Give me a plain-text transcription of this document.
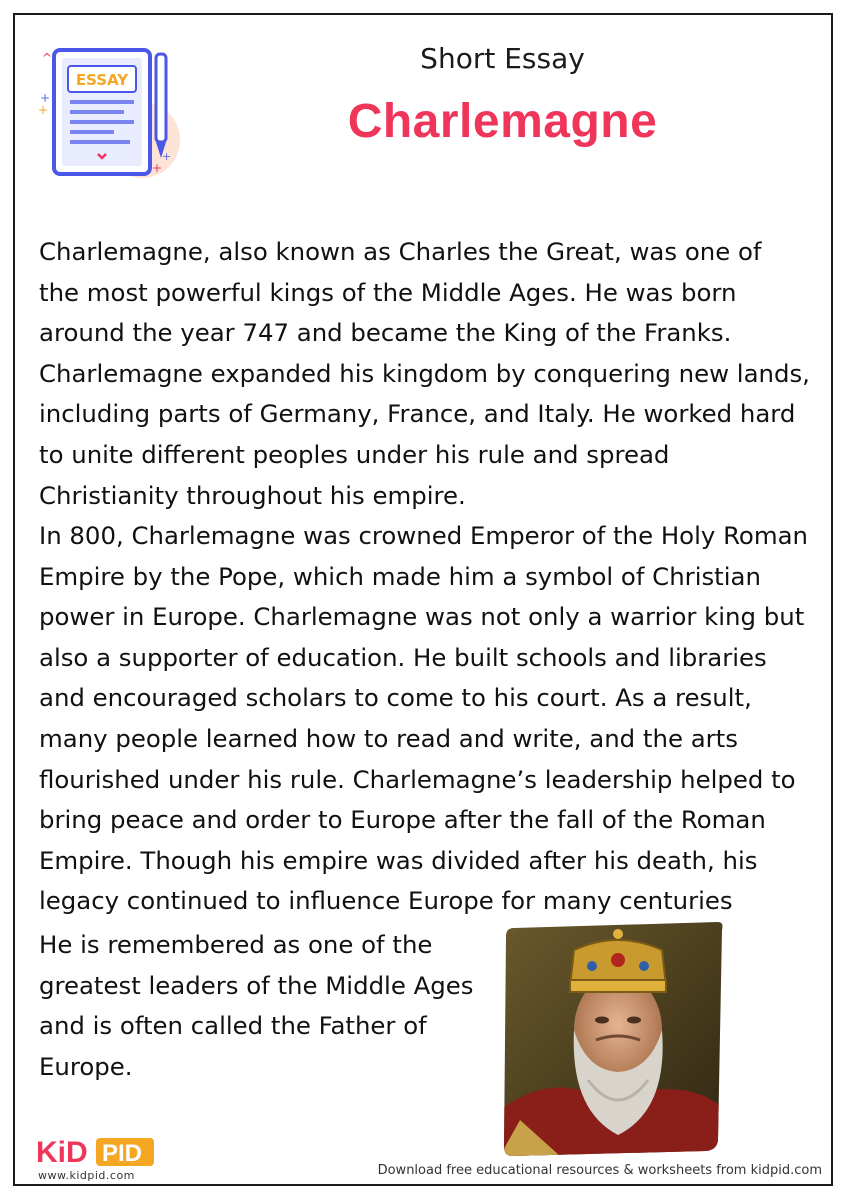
^
+
+
+
+
ESSAY
Short Essay
Charlemagne
Charlemagne, also known as Charles the Great, was one of
the most powerful kings of the Middle Ages. He was born
around the year 747 and became the King of the Franks.
Charlemagne expanded his kingdom by conquering new lands,
including parts of Germany, France, and Italy. He worked hard
to unite different peoples under his rule and spread
Christianity throughout his empire.
In 800, Charlemagne was crowned Emperor of the Holy Roman
Empire by the Pope, which made him a symbol of Christian
power in Europe. Charlemagne was not only a warrior king but
also a supporter of education. He built schools and libraries
and encouraged scholars to come to his court. As a result,
many people learned how to read and write, and the arts
flourished under his rule. Charlemagne’s leadership helped to
bring peace and order to Europe after the fall of the Roman
Empire. Though his empire was divided after his death, his
legacy continued to influence Europe for many centuries
He is remembered as one of the
greatest leaders of the Middle Ages
and is often called the Father of
Europe.
KiD PID
www.kidpid.com	Download free educational resources & worksheets from kidpid.com
